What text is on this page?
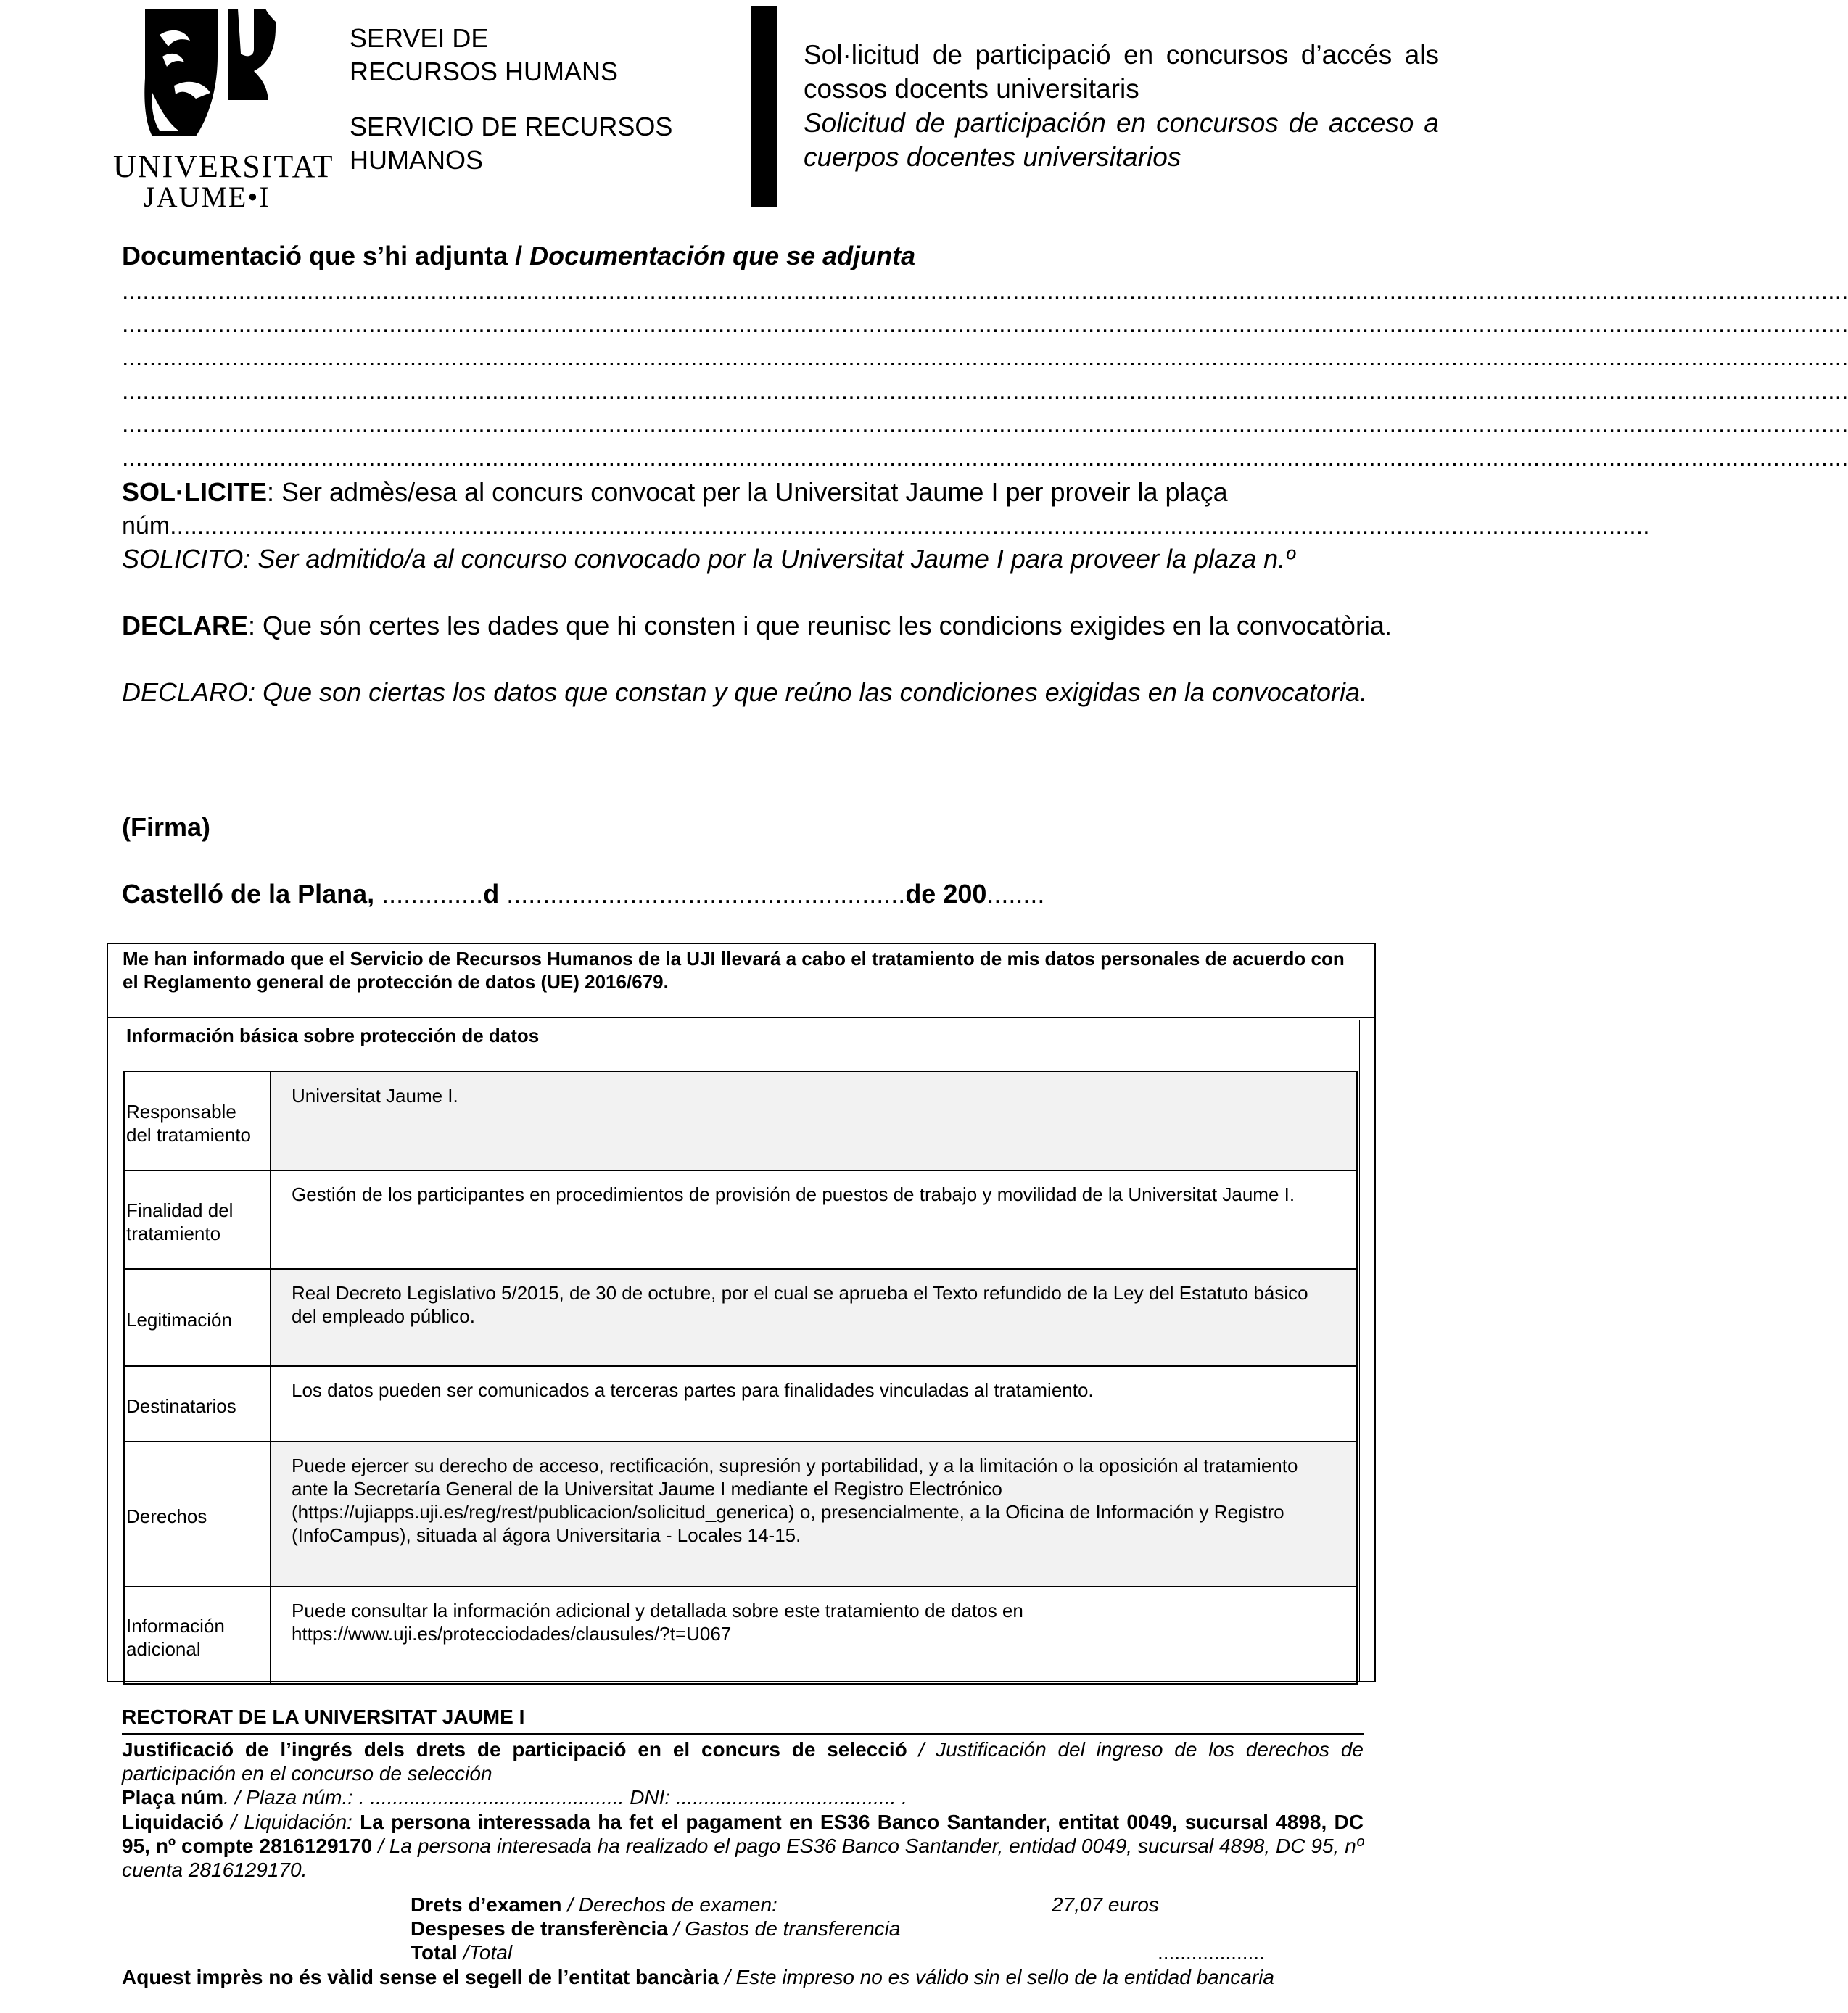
UNIVERSITAT
JAUME•I
SERVEI DE
RECURSOS HUMANS
SERVICIO DE RECURSOS
HUMANOS
Sol·licitud de participació en concursos d’accés als cossos docents universitaris
Solicitud de participación en concursos de acceso a cuerpos docentes universitarios
Documentació que s’hi adjunta / Documentación que se adjunta
............................................................................................................................................................................................................................................................
............................................................................................................................................................................................................................................................
............................................................................................................................................................................................................................................................
............................................................................................................................................................................................................................................................
............................................................................................................................................................................................................................................................
............................................................................................................................................................................................................................................................
SOL·LICITE: Ser admès/esa al concurs convocat per la Universitat Jaume I per proveir la plaça
núm........................................................................................................................................................................................................................
SOLICITO: Ser admitido/a al concurso convocado por la Universitat Jaume I para proveer la plaza n.º
DECLARE: Que són certes les dades que hi consten i que reunisc les condicions exigides en la convocatòria.
DECLARO: Que son ciertas los datos que constan y que reúno las condiciones exigidas en la convocatoria.
(Firma)
Castelló de la Plana, ..............d .......................................................de 200........
Me han informado que el Servicio de Recursos Humanos de la UJI llevará a cabo el tratamiento de mis datos personales de acuerdo con el Reglamento general de protección de datos (UE) 2016/679.
Información básica sobre protección de datos
Responsable del tratamiento	Universitat Jaume I.
Finalidad del tratamiento	Gestión de los participantes en procedimientos de provisión de puestos de trabajo y movilidad de la Universitat Jaume I.
Legitimación	Real Decreto Legislativo 5/2015, de 30 de octubre, por el cual se aprueba el Texto refundido de la Ley del Estatuto básico del empleado público.
Destinatarios	Los datos pueden ser comunicados a terceras partes para finalidades vinculadas al tratamiento.
Derechos	Puede ejercer su derecho de acceso, rectificación, supresión y portabilidad, y a la limitación o la oposición al tratamiento ante la Secretaría General de la Universitat Jaume I mediante el Registro Electrónico (https://ujiapps.uji.es/reg/rest/publicacion/solicitud_generica) o, presencialmente, a la Oficina de Información y Registro (InfoCampus), situada al ágora Universitaria - Locales 14-15.
Información adicional	Puede consultar la información adicional y detallada sobre este tratamiento de datos en https://www.uji.es/protecciodades/clausules/?t=U067
RECTORAT DE LA UNIVERSITAT JAUME I
Justificació de l’ingrés dels drets de participació en el concurs de selecció / Justificación del ingreso de los derechos de participación en el concurso de selección
Plaça núm. / Plaza núm.: . ............................................. DNI: ....................................... .
Liquidació / Liquidación: La persona interessada ha fet el pagament en ES36 Banco Santander, entitat 0049, sucursal 4898, DC 95, nº compte 2816129170 / La persona interesada ha realizado el pago ES36 Banco Santander, entidad 0049, sucursal 4898, DC 95, nº cuenta 2816129170.
Drets d’examen / Derechos de examen:	27,07 euros
Despeses de transferència / Gastos de transferencia
Total /Total	...................
Aquest imprès no és vàlid sense el segell de l’entitat bancària / Este impreso no es válido sin el sello de la entidad bancaria
